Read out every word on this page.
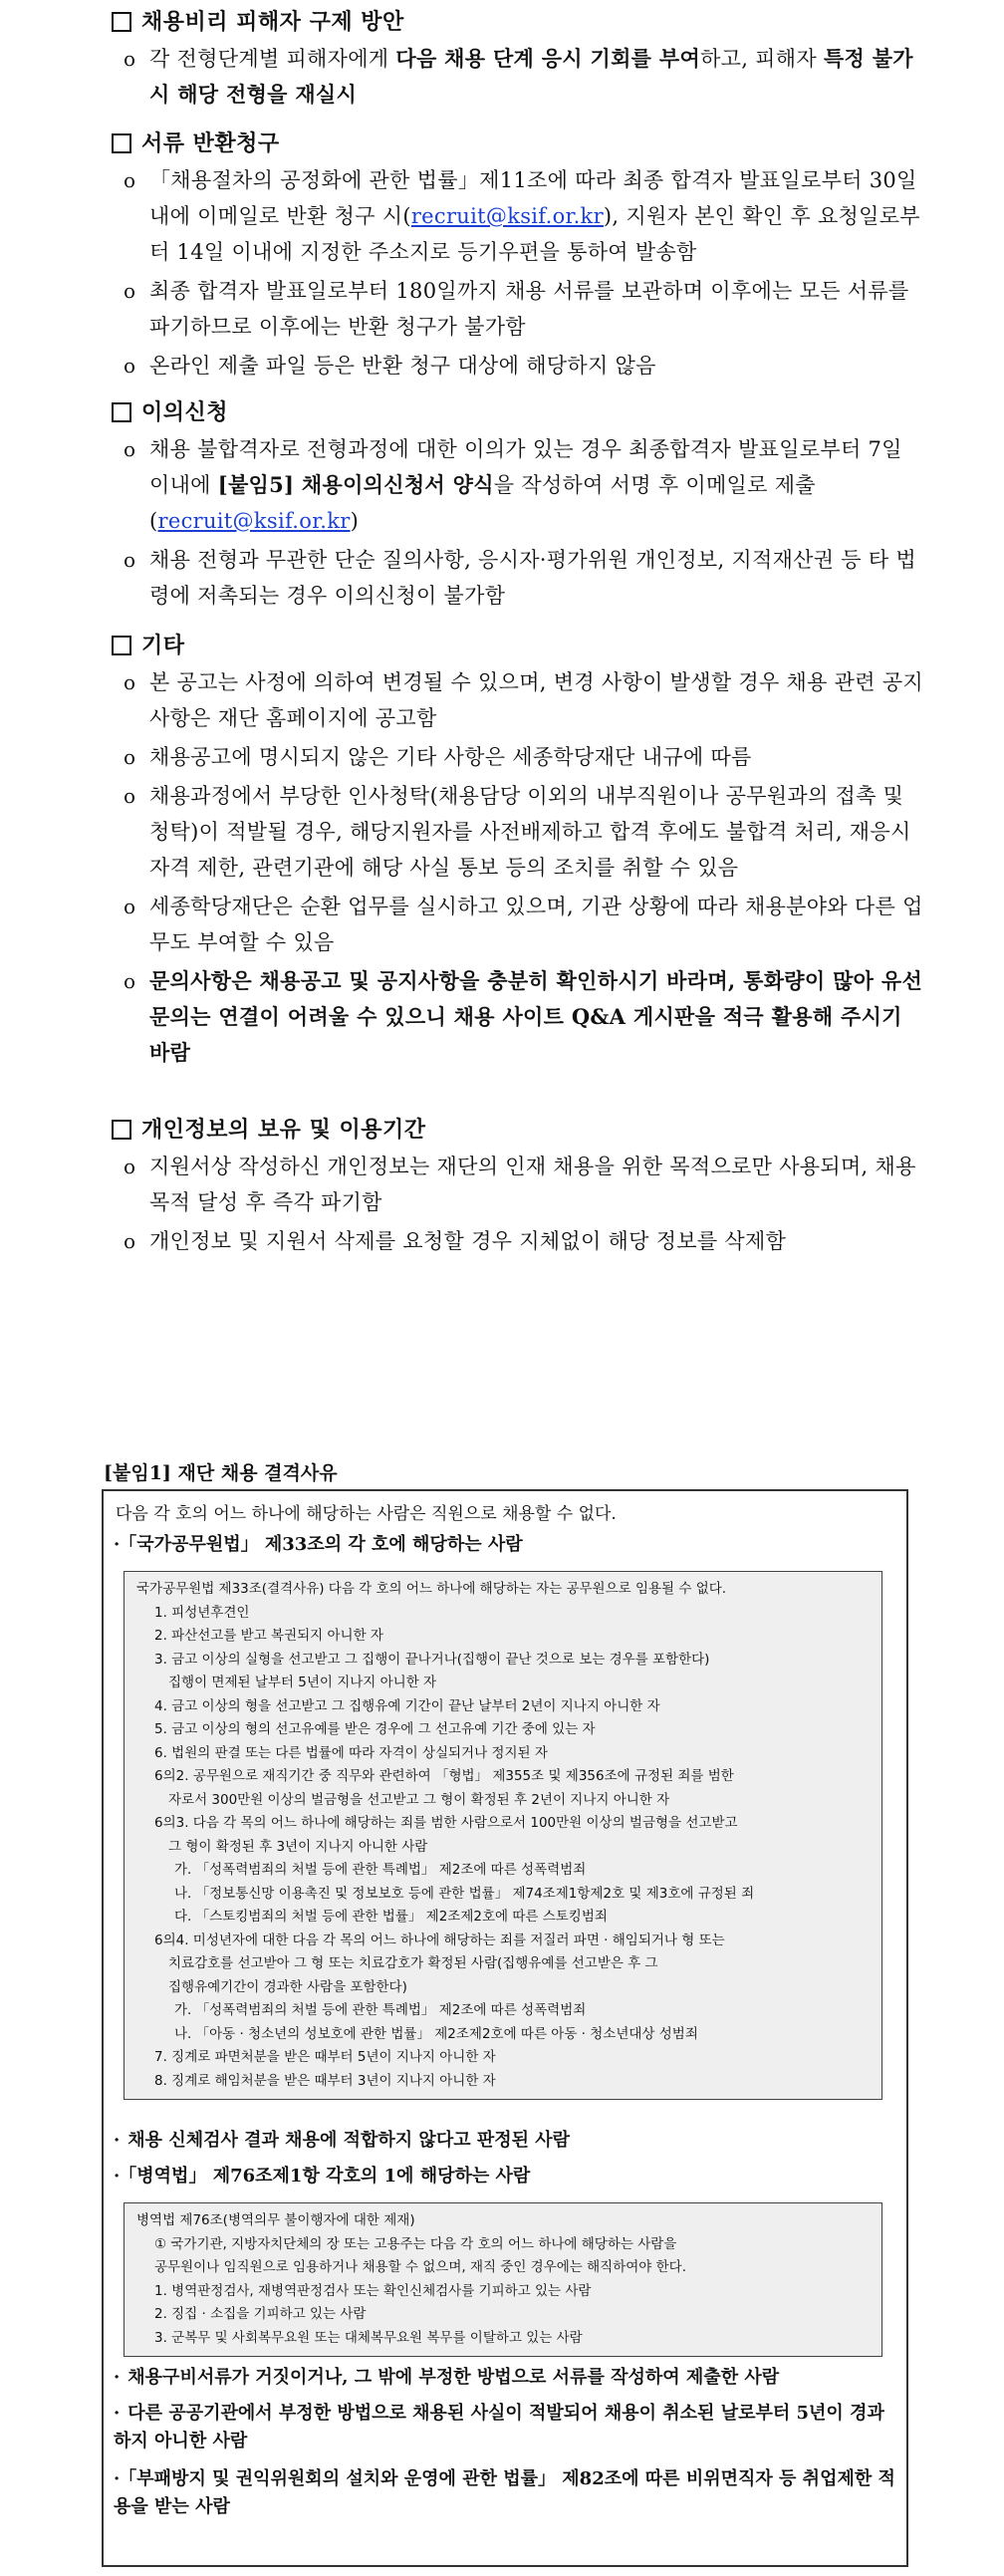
채용비리 피해자 구제 방안
o 각 전형단계별 피해자에게 다음 채용 단계 응시 기회를 부여하고, 피해자 특정 불가 시 해당 전형을 재실시
서류 반환청구
o 「채용절차의 공정화에 관한 법률」제11조에 따라 최종 합격자 발표일로부터 30일 내에 이메일로 반환 청구 시(recruit@ksif.or.kr), 지원자 본인 확인 후 요청일로부터 14일 이내에 지정한 주소지로 등기우편을 통하여 발송함
o 최종 합격자 발표일로부터 180일까지 채용 서류를 보관하며 이후에는 모든 서류를 파기하므로 이후에는 반환 청구가 불가함
o 온라인 제출 파일 등은 반환 청구 대상에 해당하지 않음
이의신청
o 채용 불합격자로 전형과정에 대한 이의가 있는 경우 최종합격자 발표일로부터 7일 이내에 [붙임5] 채용이의신청서 양식을 작성하여 서명 후 이메일로 제출(recruit@ksif.or.kr)
o 채용 전형과 무관한 단순 질의사항, 응시자·평가위원 개인정보, 지적재산권 등 타 법령에 저촉되는 경우 이의신청이 불가함
기타
o 본 공고는 사정에 의하여 변경될 수 있으며, 변경 사항이 발생할 경우 채용 관련 공지사항은 재단 홈페이지에 공고함
o 채용공고에 명시되지 않은 기타 사항은 세종학당재단 내규에 따름
o 채용과정에서 부당한 인사청탁(채용담당 이외의 내부직원이나 공무원과의 접촉 및 청탁)이 적발될 경우, 해당지원자를 사전배제하고 합격 후에도 불합격 처리, 재응시 자격 제한, 관련기관에 해당 사실 통보 등의 조치를 취할 수 있음
o 세종학당재단은 순환 업무를 실시하고 있으며, 기관 상황에 따라 채용분야와 다른 업무도 부여할 수 있음
o 문의사항은 채용공고 및 공지사항을 충분히 확인하시기 바라며, 통화량이 많아 유선문의는 연결이 어려울 수 있으니 채용 사이트 Q&A 게시판을 적극 활용해 주시기 바람
개인정보의 보유 및 이용기간
o 지원서상 작성하신 개인정보는 재단의 인재 채용을 위한 목적으로만 사용되며, 채용 목적 달성 후 즉각 파기함
o 개인정보 및 지원서 삭제를 요청할 경우 지체없이 해당 정보를 삭제함
[붙임1] 재단 채용 결격사유
다음 각 호의 어느 하나에 해당하는 사람은 직원으로 채용할 수 없다.
· 「국가공무원법」 제33조의 각 호에 해당하는 사람
국가공무원법 제33조(결격사유) 다음 각 호의 어느 하나에 해당하는 자는 공무원으로 임용될 수 없다.
1. 피성년후견인
2. 파산선고를 받고 복권되지 아니한 자
3. 금고 이상의 실형을 선고받고 그 집행이 끝나거나(집행이 끝난 것으로 보는 경우를 포함한다)
집행이 면제된 날부터 5년이 지나지 아니한 자
4. 금고 이상의 형을 선고받고 그 집행유예 기간이 끝난 날부터 2년이 지나지 아니한 자
5. 금고 이상의 형의 선고유예를 받은 경우에 그 선고유예 기간 중에 있는 자
6. 법원의 판결 또는 다른 법률에 따라 자격이 상실되거나 정지된 자
6의2. 공무원으로 재직기간 중 직무와 관련하여 「형법」 제355조 및 제356조에 규정된 죄를 범한
자로서 300만원 이상의 벌금형을 선고받고 그 형이 확정된 후 2년이 지나지 아니한 자
6의3. 다음 각 목의 어느 하나에 해당하는 죄를 범한 사람으로서 100만원 이상의 벌금형을 선고받고
그 형이 확정된 후 3년이 지나지 아니한 사람
가. 「성폭력범죄의 처벌 등에 관한 특례법」 제2조에 따른 성폭력범죄
나. 「정보통신망 이용촉진 및 정보보호 등에 관한 법률」 제74조제1항제2호 및 제3호에 규정된 죄
다. 「스토킹범죄의 처벌 등에 관한 법률」 제2조제2호에 따른 스토킹범죄
6의4. 미성년자에 대한 다음 각 목의 어느 하나에 해당하는 죄를 저질러 파면 · 해임되거나 형 또는
치료감호를 선고받아 그 형 또는 치료감호가 확정된 사람(집행유예를 선고받은 후 그
집행유예기간이 경과한 사람을 포함한다)
가. 「성폭력범죄의 처벌 등에 관한 특례법」 제2조에 따른 성폭력범죄
나. 「아동 · 청소년의 성보호에 관한 법률」 제2조제2호에 따른 아동 · 청소년대상 성범죄
7. 징계로 파면처분을 받은 때부터 5년이 지나지 아니한 자
8. 징계로 해임처분을 받은 때부터 3년이 지나지 아니한 자
· 채용 신체검사 결과 채용에 적합하지 않다고 판정된 사람
· 「병역법」 제76조제1항 각호의 1에 해당하는 사람
병역법 제76조(병역의무 불이행자에 대한 제재)
① 국가기관, 지방자치단체의 장 또는 고용주는 다음 각 호의 어느 하나에 해당하는 사람을
공무원이나 임직원으로 임용하거나 채용할 수 없으며, 재직 중인 경우에는 해직하여야 한다.
1. 병역판정검사, 재병역판정검사 또는 확인신체검사를 기피하고 있는 사람
2. 징집 · 소집을 기피하고 있는 사람
3. 군복무 및 사회복무요원 또는 대체복무요원 복무를 이탈하고 있는 사람
· 채용구비서류가 거짓이거나, 그 밖에 부정한 방법으로 서류를 작성하여 제출한 사람
· 다른 공공기관에서 부정한 방법으로 채용된 사실이 적발되어 채용이 취소된 날로부터 5년이 경과하지 아니한 사람
· 「부패방지 및 권익위원회의 설치와 운영에 관한 법률」 제82조에 따른 비위면직자 등 취업제한 적용을 받는 사람
